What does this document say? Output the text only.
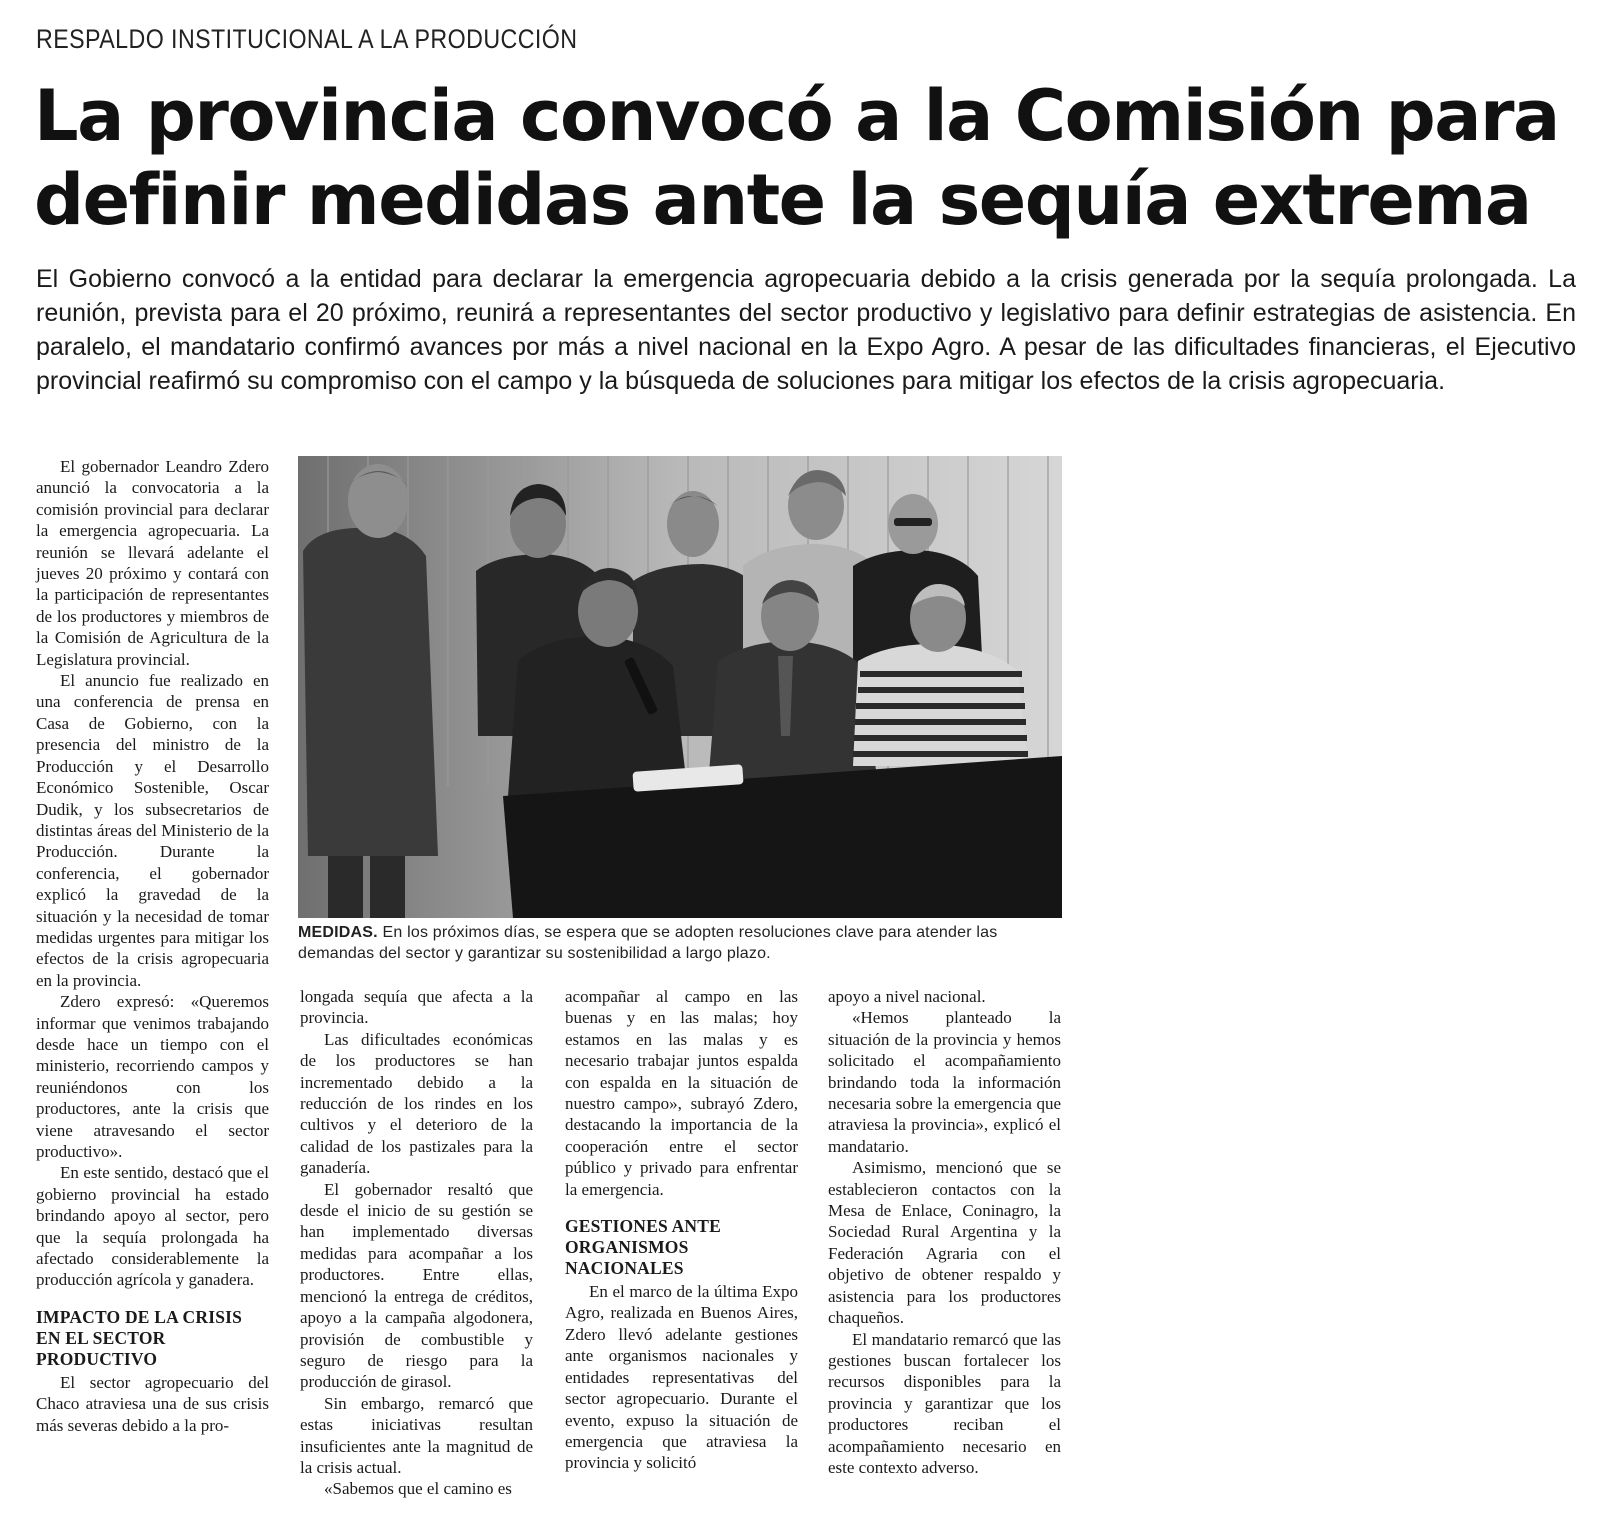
RESPALDO INSTITUCIONAL A LA PRODUCCIÓN
La provincia convocó a la Comisión para
definir medidas ante la sequía extrema

El Gobierno convocó a la entidad para declarar la emergencia agropecuaria debido a la crisis generada por la sequía prolongada. La reunión, prevista para el 20 próximo, reunirá a representantes del sector productivo y legislativo para definir estrategias de asistencia. En paralelo, el mandatario confirmó avances por más a nivel nacional en la Expo Agro. A pesar de las dificultades financieras, el Ejecutivo provincial reafirmó su compromiso con el campo y la búsqueda de soluciones para mitigar los efectos de la crisis agropecuaria.

El gobernador Leandro Zdero anunció la convocatoria a la comisión provincial para declarar la emergencia agropecuaria. La reunión se llevará adelante el jueves 20 próximo y contará con la participación de representantes de los productores y miembros de la Comisión de Agricultura de la Legislatura provincial.

El anuncio fue realizado en una conferencia de prensa en Casa de Gobierno, con la presencia del ministro de la Producción y el Desarrollo Económico Sostenible, Oscar Dudik, y los subsecretarios de distintas áreas del Ministerio de la Producción. Durante la conferencia, el gobernador explicó la gravedad de la situación y la necesidad de tomar medidas urgentes para mitigar los efectos de la crisis agropecuaria en la provincia.

Zdero expresó: «Queremos informar que venimos trabajando desde hace un tiempo con el ministerio, recorriendo campos y reuniéndonos con los productores, ante la crisis que viene atravesando el sector productivo».

En este sentido, destacó que el gobierno provincial ha estado brindando apoyo al sector, pero que la sequía prolongada ha afectado considerablemente la producción agrícola y ganadera.

IMPACTO DE LA CRISIS EN EL SECTOR PRODUCTIVO

El sector agropecuario del Chaco atraviesa una de sus crisis más severas debido a la pro-

MEDIDAS. En los próximos días, se espera que se adopten resoluciones clave para atender las demandas del sector y garantizar su sostenibilidad a largo plazo.

longada sequía que afecta a la provincia.

Las dificultades económicas de los productores se han incrementado debido a la reducción de los rindes en los cultivos y el deterioro de la calidad de los pastizales para la ganadería.

El gobernador resaltó que desde el inicio de su gestión se han implementado diversas medidas para acompañar a los productores. Entre ellas, mencionó la entrega de créditos, apoyo a la campaña algodonera, provisión de combustible y seguro de riesgo para la producción de girasol.

Sin embargo, remarcó que estas iniciativas resultan insuficientes ante la magnitud de la crisis actual.

«Sabemos que el camino es

acompañar al campo en las buenas y en las malas; hoy estamos en las malas y es necesario trabajar juntos espalda con espalda en la situación de nuestro campo», subrayó Zdero, destacando la importancia de la cooperación entre el sector público y privado para enfrentar la emergencia.

GESTIONES ANTE ORGANISMOS NACIONALES

En el marco de la última Expo Agro, realizada en Buenos Aires, Zdero llevó adelante gestiones ante organismos nacionales y entidades representativas del sector agropecuario. Durante el evento, expuso la situación de emergencia que atraviesa la provincia y solicitó

apoyo a nivel nacional.

«Hemos planteado la situación de la provincia y hemos solicitado el acompañamiento brindando toda la información necesaria sobre la emergencia que atraviesa la provincia», explicó el mandatario.

Asimismo, mencionó que se establecieron contactos con la Mesa de Enlace, Coninagro, la Sociedad Rural Argentina y la Federación Agraria con el objetivo de obtener respaldo y asistencia para los productores chaqueños.

El mandatario remarcó que las gestiones buscan fortalecer los recursos disponibles para la provincia y garantizar que los productores reciban el acompañamiento necesario en este contexto adverso.
